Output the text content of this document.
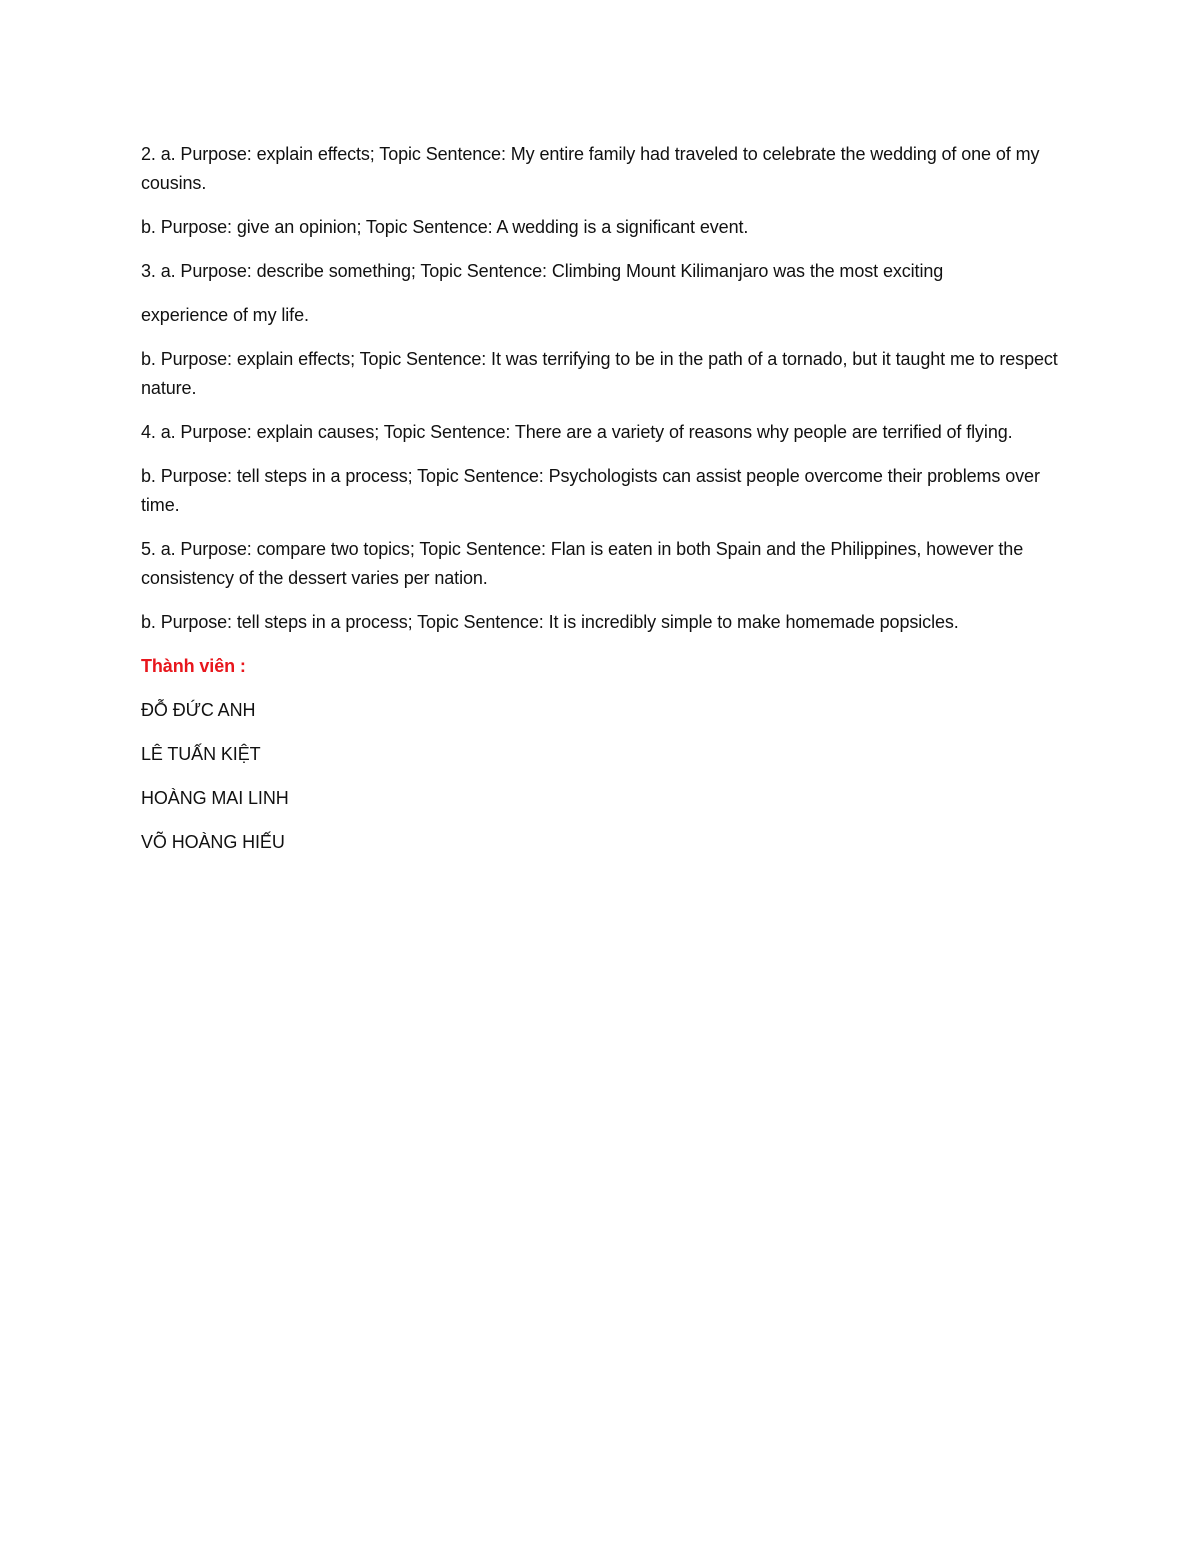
2. a. Purpose: explain effects; Topic Sentence: My entire family had traveled to celebrate the wedding of one of my cousins.

b. Purpose: give an opinion; Topic Sentence: A wedding is a significant event.

3. a. Purpose: describe something; Topic Sentence: Climbing Mount Kilimanjaro was the most exciting

experience of my life.

b. Purpose: explain effects; Topic Sentence: It was terrifying to be in the path of a tornado, but it taught me to respect nature.

4. a. Purpose: explain causes; Topic Sentence: There are a variety of reasons why people are terrified of flying.

b. Purpose: tell steps in a process; Topic Sentence: Psychologists can assist people overcome their problems over time.

5. a. Purpose: compare two topics; Topic Sentence: Flan is eaten in both Spain and the Philippines, however the consistency of the dessert varies per nation.

b. Purpose: tell steps in a process; Topic Sentence: It is incredibly simple to make homemade popsicles.

Thành viên :

ĐỖ ĐỨC ANH

LÊ TUẤN KIỆT

HOÀNG MAI LINH

VÕ HOÀNG HIẾU
